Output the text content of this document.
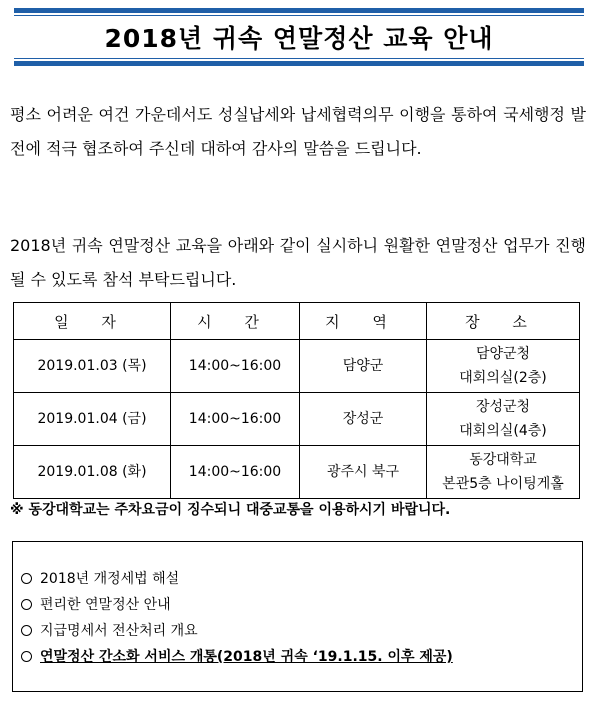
2018년 귀속 연말정산 교육 안내
평소 어려운 여건 가운데서도 성실납세와 납세협력의무 이행을 통하여 국세행정 발전에 적극 협조하여 주신데 대하여 감사의 말씀을 드립니다.
2018년 귀속 연말정산 교육을 아래와 같이 실시하니 원활한 연말정산 업무가 진행될 수 있도록 참석 부탁드립니다.
일 자	시 간	지 역	장 소
2019.01.03 (목)	14:00~16:00	담양군	담양군청
대회의실(2층)

2019.01.04 (금)	14:00~16:00	장성군	장성군청
대회의실(4층)

2019.01.08 (화)	14:00~16:00	광주시 북구	동강대학교
본관5층 나이팅게홀
※ 동강대학교는 주차요금이 징수되니 대중교통을 이용하시기 바랍니다.
2018년 개정세법 해설
편리한 연말정산 안내
지급명세서 전산처리 개요
연말정산 간소화 서비스 개통(2018년 귀속 ‘19.1.15. 이후 제공)
